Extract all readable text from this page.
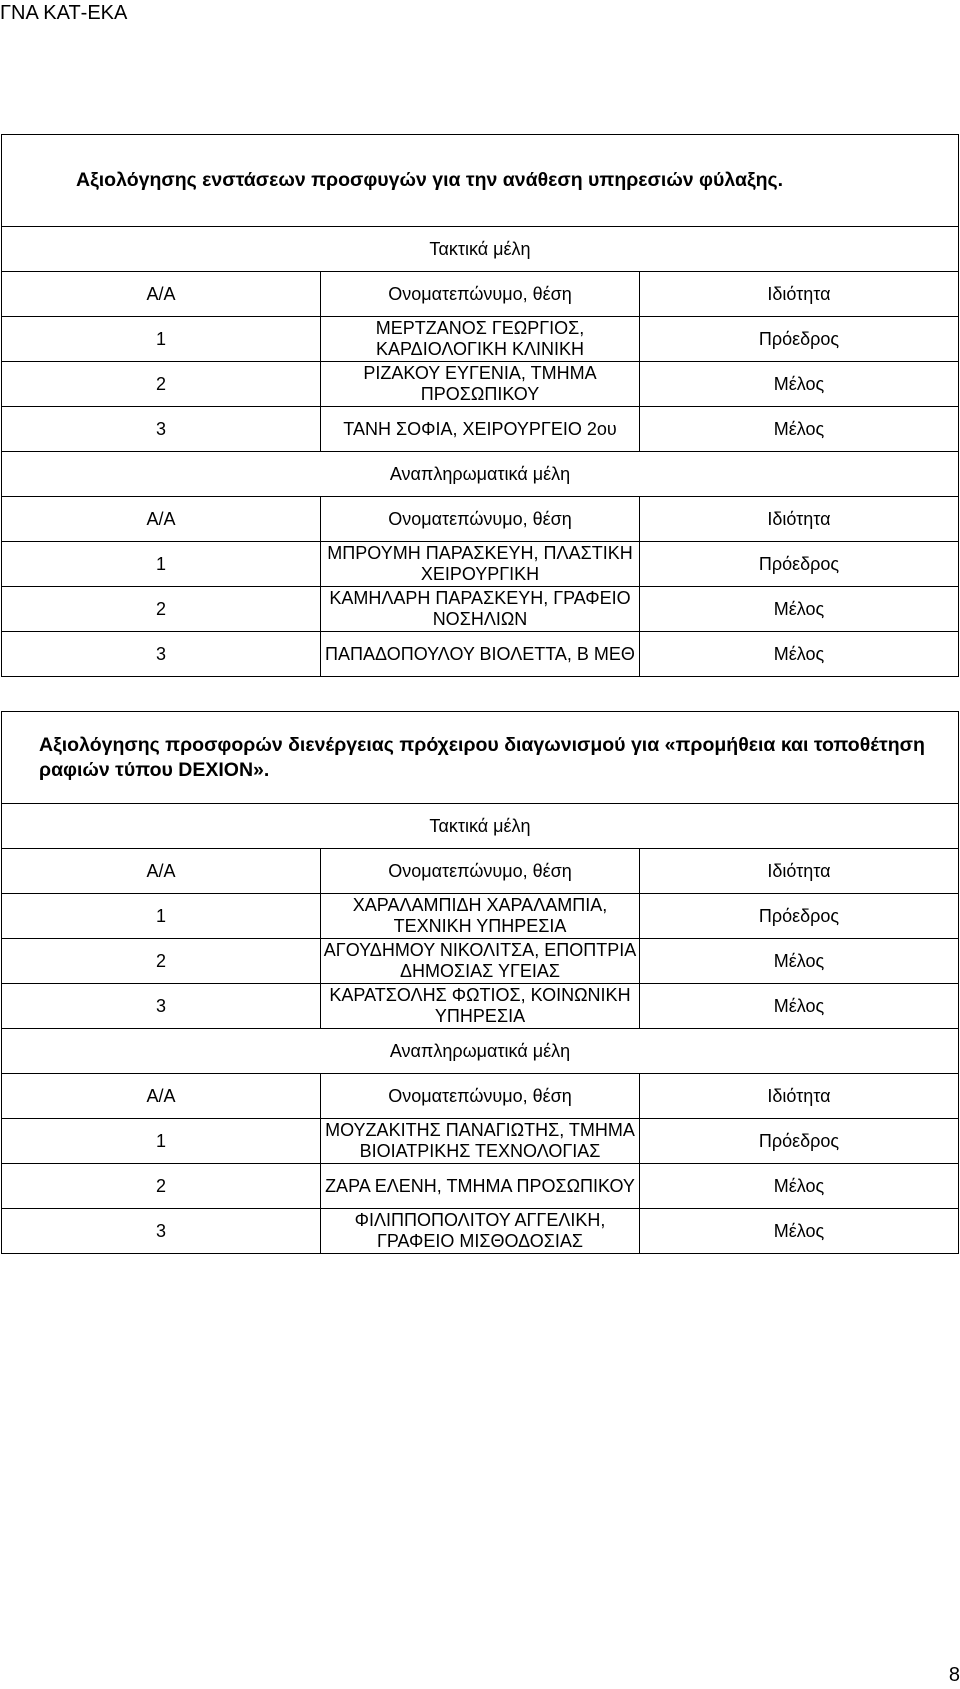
ΓΝΑ ΚΑΤ-ΕΚΑ
Αξιολόγησης ενστάσεων προσφυγών για την ανάθεση υπηρεσιών φύλαξης.		
Τακτικά μέλη		
Α/Α	Ονοματεπώνυμο, θέση	Ιδιότητα
1	ΜΕΡΤΖΑΝΟΣ ΓΕΩΡΓΙΟΣ, ΚΑΡΔΙΟΛΟΓΙΚΗ ΚΛΙΝΙΚΗ	Πρόεδρος
2	ΡΙΖΑΚΟΥ ΕΥΓΕΝΙΑ, ΤΜΗΜΑ ΠΡΟΣΩΠΙΚΟΥ	Μέλος
3	ΤΑΝΗ ΣΟΦΙΑ, ΧΕΙΡΟΥΡΓΕΙΟ 2ου	Μέλος
Αναπληρωματικά μέλη		
Α/Α	Ονοματεπώνυμο, θέση	Ιδιότητα
1	ΜΠΡΟΥΜΗ ΠΑΡΑΣΚΕΥΗ, ΠΛΑΣΤΙΚΗ ΧΕΙΡΟΥΡΓΙΚΗ	Πρόεδρος
2	ΚΑΜΗΛΑΡΗ ΠΑΡΑΣΚΕΥΗ, ΓΡΑΦΕΙΟ ΝΟΣΗΛΙΩΝ	Μέλος
3	ΠΑΠΑΔΟΠΟΥΛΟΥ ΒΙΟΛΕΤΤΑ, Β ΜΕΘ	Μέλος
Αξιολόγησης προσφορών διενέργειας πρόχειρου διαγωνισμού για «προμήθεια και τοποθέτηση ραφιών τύπου DEXION».		
Τακτικά μέλη		
Α/Α	Ονοματεπώνυμο, θέση	Ιδιότητα
1	ΧΑΡΑΛΑΜΠΙΔΗ ΧΑΡΑΛΑΜΠΙΑ, ΤΕΧΝΙΚΗ ΥΠΗΡΕΣΙΑ	Πρόεδρος
2	ΑΓΟΥΔΗΜΟΥ ΝΙΚΟΛΙΤΣΑ, ΕΠΟΠΤΡΙΑ ΔΗΜΟΣΙΑΣ ΥΓΕΙΑΣ	Μέλος
3	ΚΑΡΑΤΣΟΛΗΣ ΦΩΤΙΟΣ, ΚΟΙΝΩΝΙΚΗ ΥΠΗΡΕΣΙΑ	Μέλος
Αναπληρωματικά μέλη		
Α/Α	Ονοματεπώνυμο, θέση	Ιδιότητα
1	ΜΟΥΖΑΚΙΤΗΣ ΠΑΝΑΓΙΩΤΗΣ, ΤΜΗΜΑ ΒΙΟΙΑΤΡΙΚΗΣ ΤΕΧΝΟΛΟΓΙΑΣ	Πρόεδρος
2	ΖΑΡΑ ΕΛΕΝΗ, ΤΜΗΜΑ ΠΡΟΣΩΠΙΚΟΥ	Μέλος
3	ΦΙΛΙΠΠΟΠΟΛΙΤΟΥ ΑΓΓΕΛΙΚΗ, ΓΡΑΦΕΙΟ ΜΙΣΘΟΔΟΣΙΑΣ	Μέλος
8
